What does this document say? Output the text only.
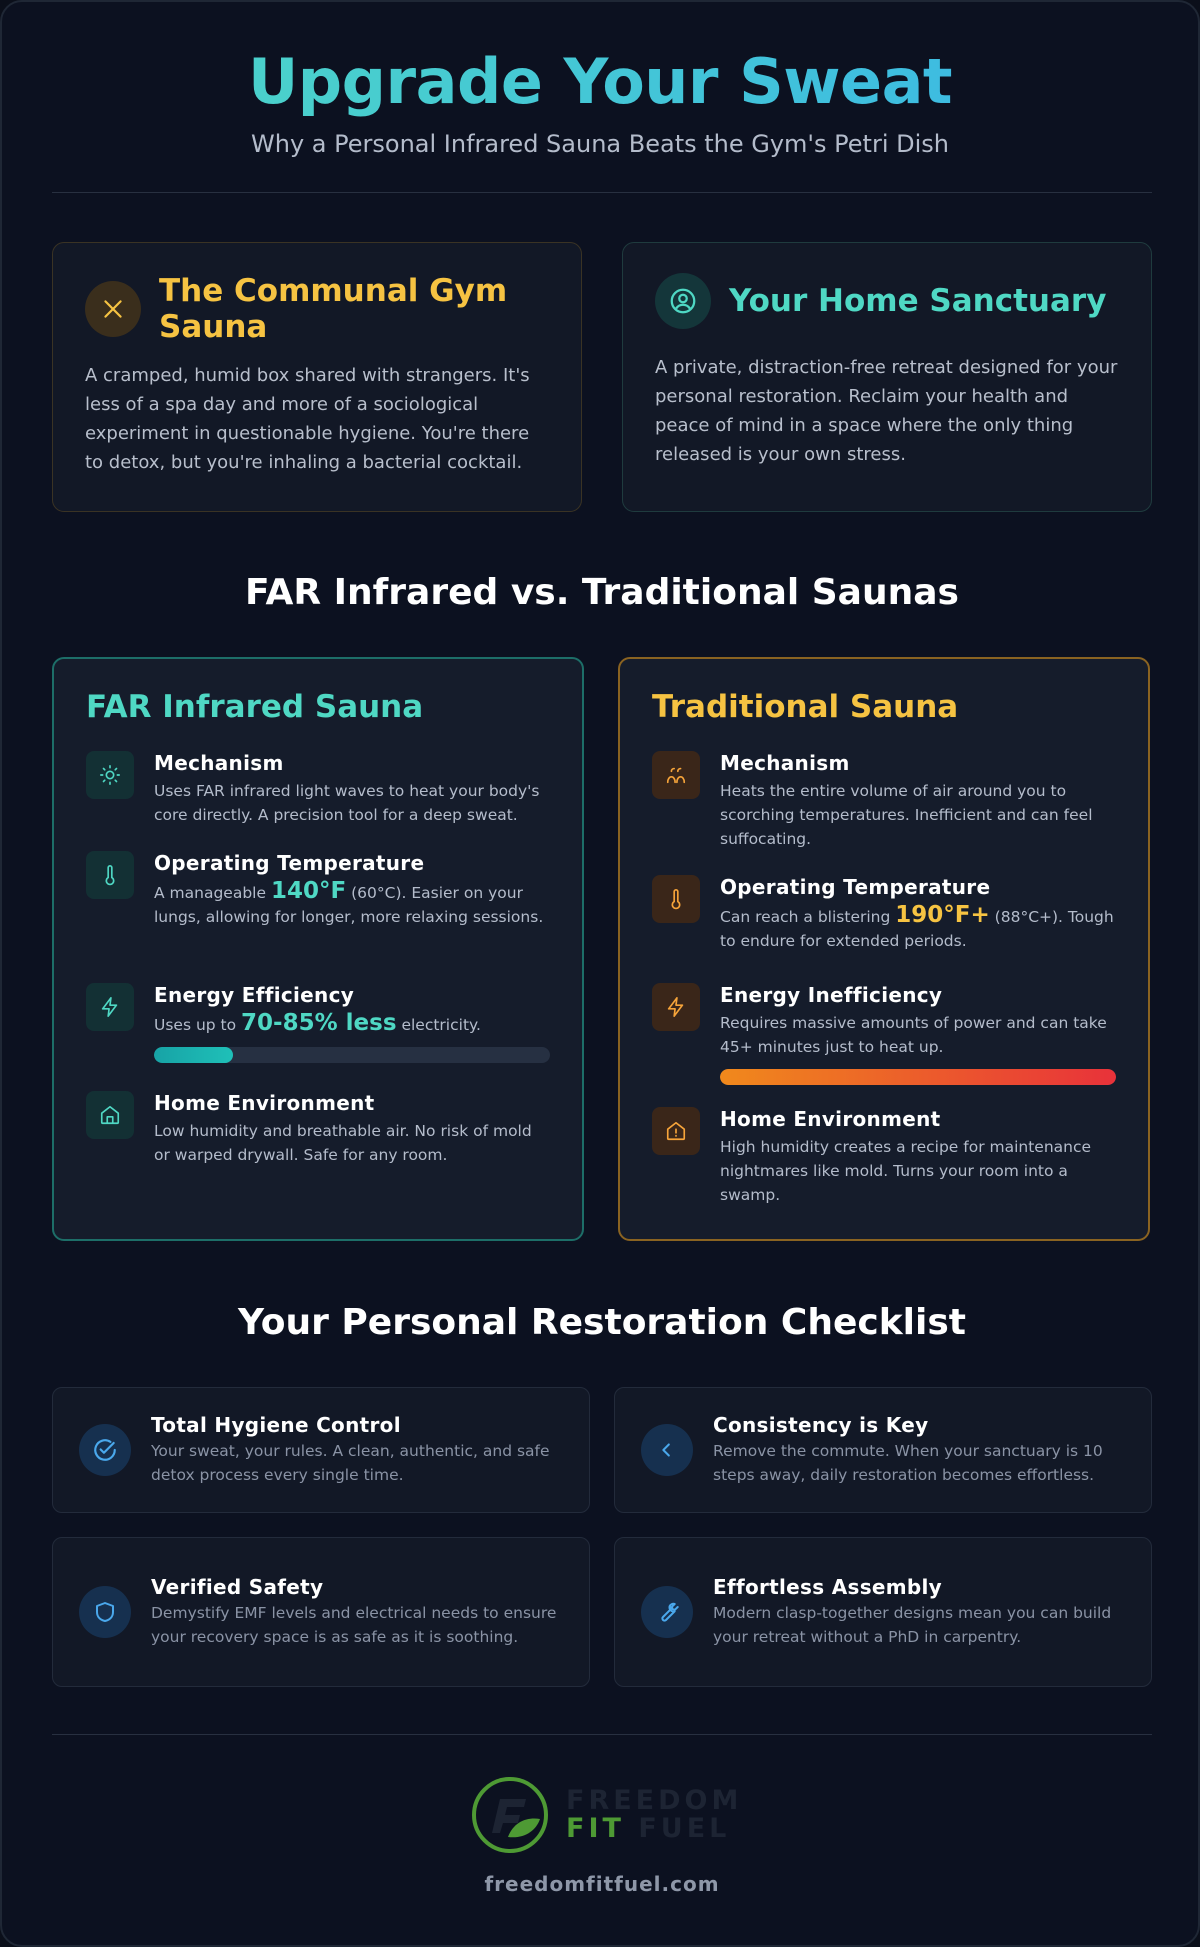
Upgrade Your Sweat
Why a Personal Infrared Sauna Beats the Gym's Petri Dish
The Communal Gym Sauna
A cramped, humid box shared with strangers. It's less of a spa day and more of a sociological experiment in questionable hygiene. You're there to detox, but you're inhaling a bacterial cocktail.
Your Home Sanctuary
A private, distraction-free retreat designed for your personal restoration. Reclaim your health and peace of mind in a space where the only thing released is your own stress.
FAR Infrared vs. Traditional Saunas
FAR Infrared Sauna
Mechanism
Uses FAR infrared light waves to heat your body's core directly. A precision tool for a deep sweat.
Operating Temperature
A manageable 140°F (60°C). Easier on your lungs, allowing for longer, more relaxing sessions.
Energy Efficiency
Uses up to 70-85% less electricity.
Home Environment
Low humidity and breathable air. No risk of mold or warped drywall. Safe for any room.
Traditional Sauna
Mechanism
Heats the entire volume of air around you to scorching temperatures. Inefficient and can feel suffocating.
Operating Temperature
Can reach a blistering 190°F+ (88°C+). Tough to endure for extended periods.
Energy Inefficiency
Requires massive amounts of power and can take 45+ minutes just to heat up.
Home Environment
High humidity creates a recipe for maintenance nightmares like mold. Turns your room into a swamp.
Your Personal Restoration Checklist
Total Hygiene Control
Your sweat, your rules. A clean, authentic, and safe detox process every single time.
Consistency is Key
Remove the commute. When your sanctuary is 10 steps away, daily restoration becomes effortless.
Verified Safety
Demystify EMF levels and electrical needs to ensure your recovery space is as safe as it is soothing.
Effortless Assembly
Modern clasp-together designs mean you can build your retreat without a PhD in carpentry.
FREEDOM
FIT FUEL
freedomfitfuel.com
